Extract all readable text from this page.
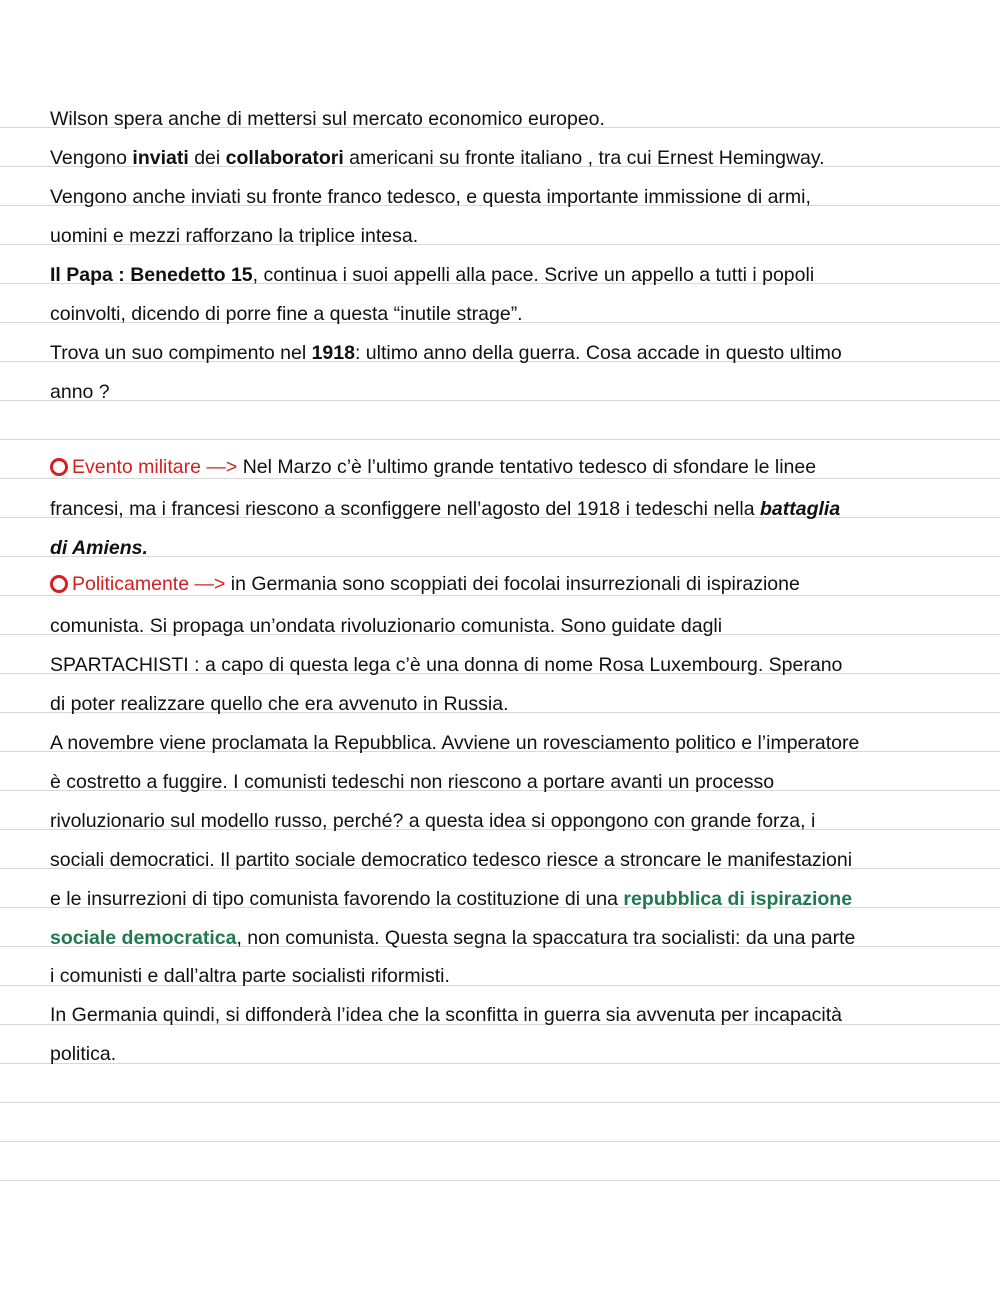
Wilson spera anche di mettersi sul mercato economico europeo.
Vengono inviati dei collaboratori americani su fronte italiano , tra cui Ernest Hemingway.
Vengono anche inviati su fronte franco tedesco, e questa importante immissione di armi,
uomini e mezzi rafforzano la triplice intesa.
Il Papa : Benedetto 15, continua i suoi appelli alla pace. Scrive un appello a tutti i popoli
coinvolti, dicendo di porre fine a questa “inutile strage”.
Trova un suo compimento nel 1918: ultimo anno della guerra. Cosa accade in questo ultimo
anno ?
Evento militare —> Nel Marzo c’è l’ultimo grande tentativo tedesco di sfondare le linee
francesi, ma i francesi riescono a sconfiggere nell’agosto del 1918 i tedeschi nella battaglia
di Amiens.
Politicamente —> in Germania sono scoppiati dei focolai insurrezionali di ispirazione
comunista. Si propaga un’ondata rivoluzionario comunista. Sono guidate dagli
SPARTACHISTI : a capo di questa lega c’è una donna di nome Rosa Luxembourg. Sperano
di poter realizzare quello che era avvenuto in Russia.
A novembre viene proclamata la Repubblica. Avviene un rovesciamento politico e l’imperatore
è costretto a fuggire. I comunisti tedeschi non riescono a portare avanti un processo
rivoluzionario sul modello russo, perché? a questa idea si oppongono con grande forza, i
sociali democratici. Il partito sociale democratico tedesco riesce a stroncare le manifestazioni
e le insurrezioni di tipo comunista favorendo la costituzione di una repubblica di ispirazione
sociale democratica, non comunista. Questa segna la spaccatura tra socialisti: da una parte
i comunisti e dall’altra parte socialisti riformisti.
In Germania quindi, si diffonderà l’idea che la sconfitta in guerra sia avvenuta per incapacità
politica.
